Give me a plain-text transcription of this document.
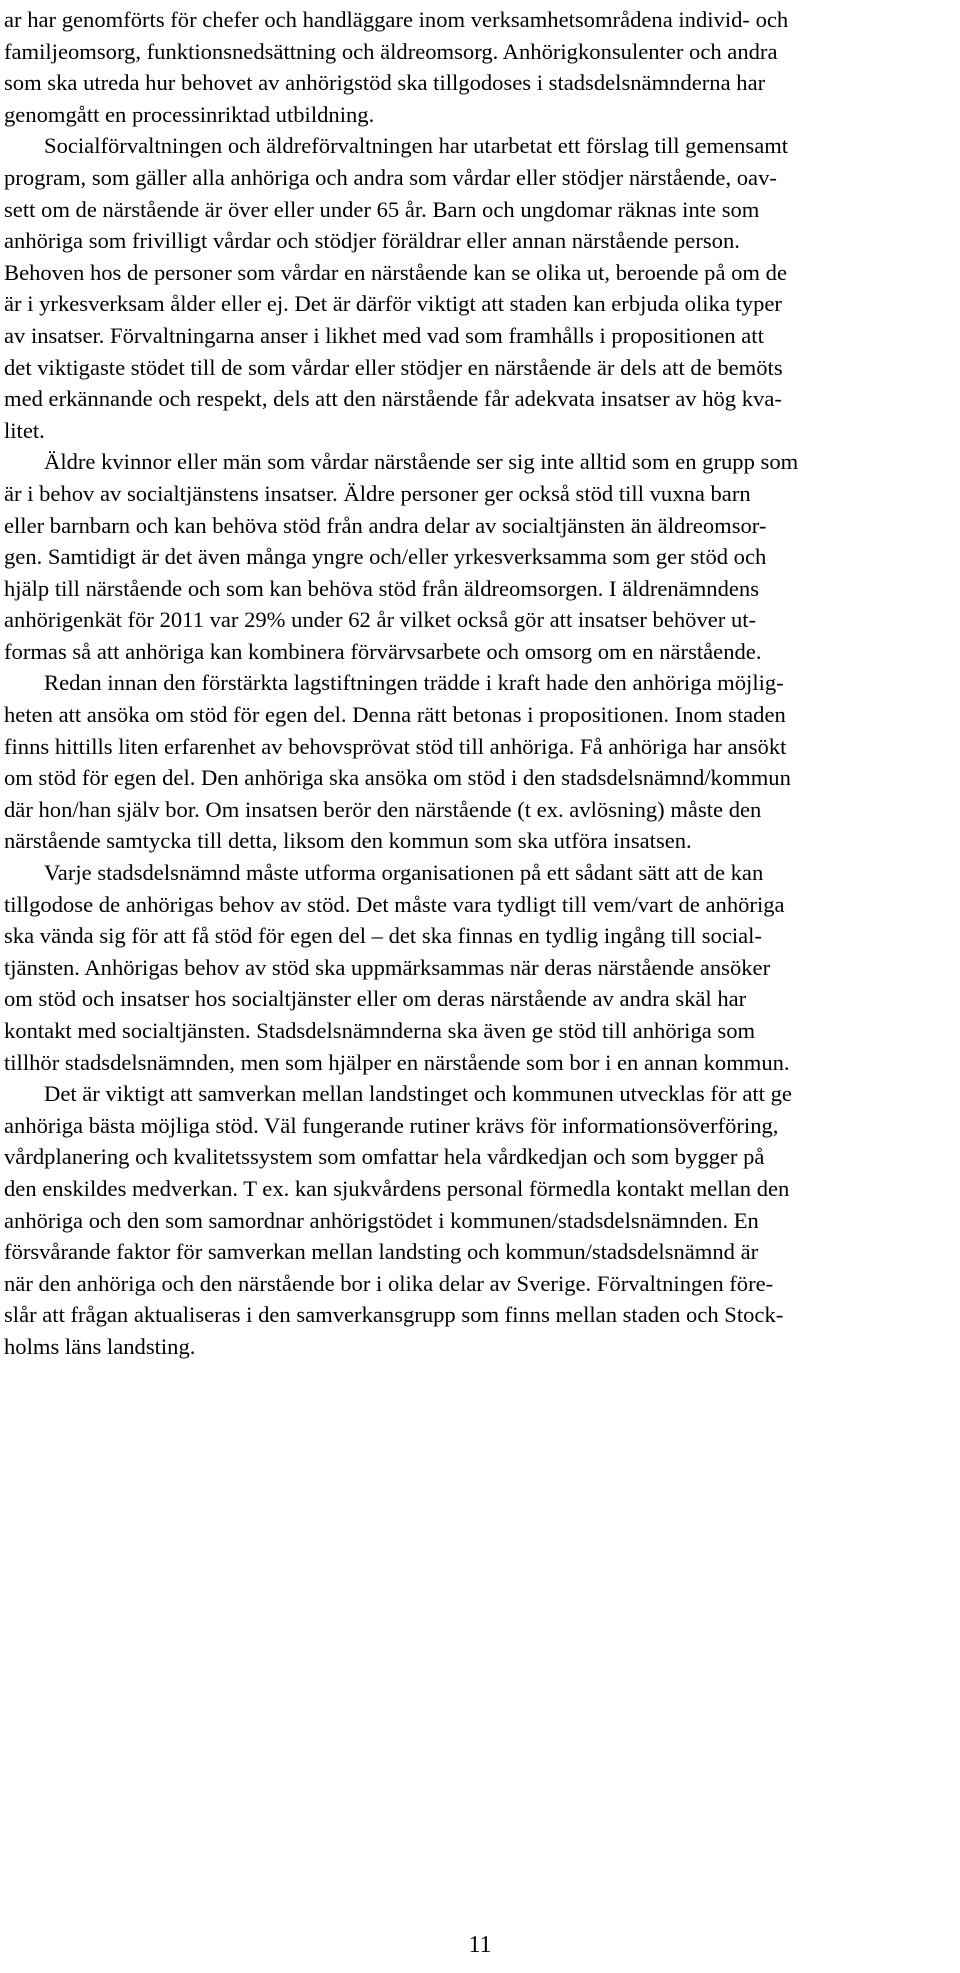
ar har genomförts för chefer och handläggare inom verksamhetsområdena individ- och
familjeomsorg, funktionsnedsättning och äldreomsorg. Anhörigkonsulenter och andra
som ska utreda hur behovet av anhörigstöd ska tillgodoses i stadsdelsnämnderna har
genomgått en processinriktad utbildning.
Socialförvaltningen och äldreförvaltningen har utarbetat ett förslag till gemensamt
program, som gäller alla anhöriga och andra som vårdar eller stödjer närstående, oav-
sett om de närstående är över eller under 65 år. Barn och ungdomar räknas inte som
anhöriga som frivilligt vårdar och stödjer föräldrar eller annan närstående person.
Behoven hos de personer som vårdar en närstående kan se olika ut, beroende på om de
är i yrkesverksam ålder eller ej. Det är därför viktigt att staden kan erbjuda olika typer
av insatser. Förvaltningarna anser i likhet med vad som framhålls i propositionen att
det viktigaste stödet till de som vårdar eller stödjer en närstående är dels att de bemöts
med erkännande och respekt, dels att den närstående får adekvata insatser av hög kva-
litet.
Äldre kvinnor eller män som vårdar närstående ser sig inte alltid som en grupp som
är i behov av socialtjänstens insatser. Äldre personer ger också stöd till vuxna barn
eller barnbarn och kan behöva stöd från andra delar av socialtjänsten än äldreomsor-
gen. Samtidigt är det även många yngre och/eller yrkesverksamma som ger stöd och
hjälp till närstående och som kan behöva stöd från äldreomsorgen. I äldrenämndens
anhörigenkät för 2011 var 29% under 62 år vilket också gör att insatser behöver ut-
formas så att anhöriga kan kombinera förvärvsarbete och omsorg om en närstående.
Redan innan den förstärkta lagstiftningen trädde i kraft hade den anhöriga möjlig-
heten att ansöka om stöd för egen del. Denna rätt betonas i propositionen. Inom staden
finns hittills liten erfarenhet av behovsprövat stöd till anhöriga. Få anhöriga har ansökt
om stöd för egen del. Den anhöriga ska ansöka om stöd i den stadsdelsnämnd/kommun
där hon/han själv bor. Om insatsen berör den närstående (t ex. avlösning) måste den
närstående samtycka till detta, liksom den kommun som ska utföra insatsen.
Varje stadsdelsnämnd måste utforma organisationen på ett sådant sätt att de kan
tillgodose de anhörigas behov av stöd. Det måste vara tydligt till vem/vart de anhöriga
ska vända sig för att få stöd för egen del – det ska finnas en tydlig ingång till social-
tjänsten. Anhörigas behov av stöd ska uppmärksammas när deras närstående ansöker
om stöd och insatser hos socialtjänster eller om deras närstående av andra skäl har
kontakt med socialtjänsten. Stadsdelsnämnderna ska även ge stöd till anhöriga som
tillhör stadsdelsnämnden, men som hjälper en närstående som bor i en annan kommun.
Det är viktigt att samverkan mellan landstinget och kommunen utvecklas för att ge
anhöriga bästa möjliga stöd. Väl fungerande rutiner krävs för informationsöverföring,
vårdplanering och kvalitetssystem som omfattar hela vårdkedjan och som bygger på
den enskildes medverkan. T ex. kan sjukvårdens personal förmedla kontakt mellan den
anhöriga och den som samordnar anhörigstödet i kommunen/stadsdelsnämnden. En
försvårande faktor för samverkan mellan landsting och kommun/stadsdelsnämnd är
när den anhöriga och den närstående bor i olika delar av Sverige. Förvaltningen före-
slår att frågan aktualiseras i den samverkansgrupp som finns mellan staden och Stock-
holms läns landsting.
11
